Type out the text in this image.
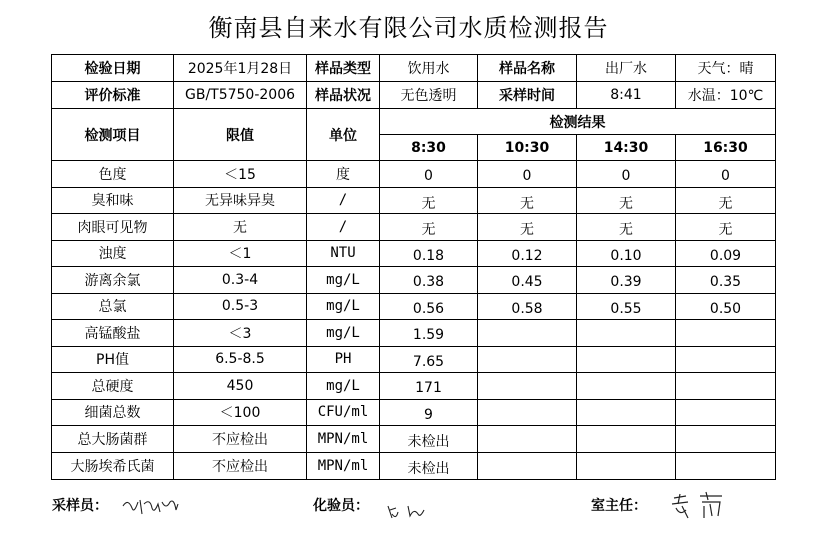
衡南县自来水有限公司水质检测报告
检验日期	2025年1月28日	样品类型	饮用水	样品名称	出厂水	天气：晴
评价标准	GB/T5750-2006	样品状况	无色透明	采样时间	8:41	水温：10℃
检测项目	限值	单位	检测结果			
			8:30	10:30	14:30	16:30
色度	＜15	度	0	0	0	0
臭和味	无异味异臭	/	无	无	无	无
肉眼可见物	无	/	无	无	无	无
浊度	＜1	NTU	0.18	0.12	0.10	0.09
游离余氯	0.3-4	mg/L	0.38	0.45	0.39	0.35
总氯	0.5-3	mg/L	0.56	0.58	0.55	0.50
高锰酸盐	＜3	mg/L	1.59			
PH值	6.5-8.5	PH	7.65			
总硬度	450	mg/L	171			
细菌总数	＜100	CFU/ml	9			
总大肠菌群	不应检出	MPN/ml	未检出			
大肠埃希氏菌	不应检出	MPN/ml	未检出			
采样员：	化验员：	室主任：
